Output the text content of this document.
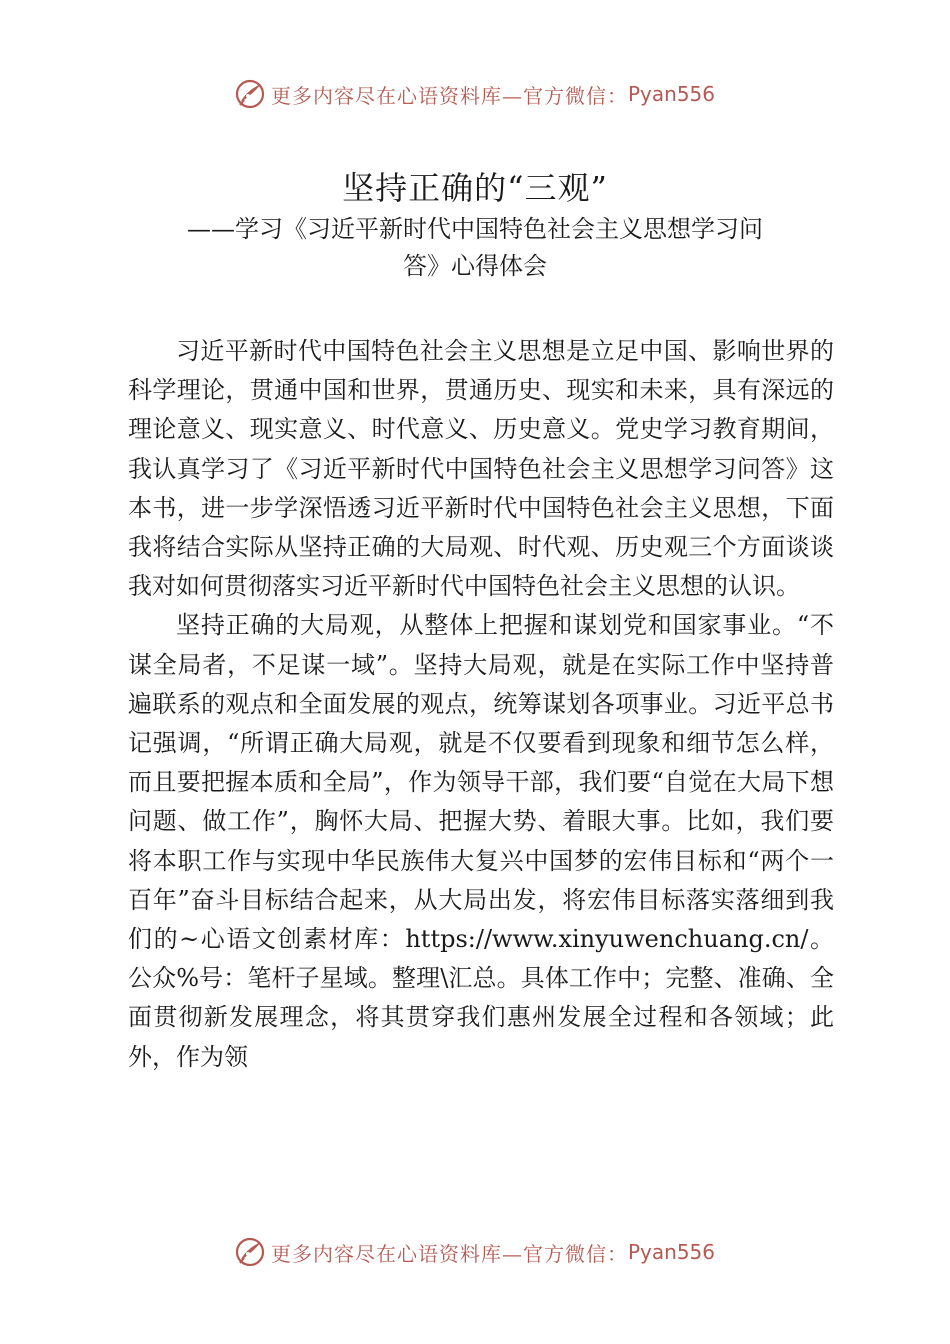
更多内容尽在心语资料库—官方微信： Pyan556
坚持正确的“三观”

——学习《习近平新时代中国特色社会主义思想学习问

答》心得体会

习近平新时代中国特色社会主义思想是立足中国、影响世界的科学理论，贯通中国和世界，贯通历史、现实和未来，具有深远的理论意义、现实意义、时代意义、历史意义。党史学习教育期间，我认真学习了《习近平新时代中国特色社会主义思想学习问答》这本书，进一步学深悟透习近平新时代中国特色社会主义思想，下面我将结合实际从坚持正确的大局观、时代观、历史观三个方面谈谈我对如何贯彻落实习近平新时代中国特色社会主义思想的认识。

坚持正确的大局观，从整体上把握和谋划党和国家事业。“不谋全局者，不足谋一域”。坚持大局观，就是在实际工作中坚持普遍联系的观点和全面发展的观点，统筹谋划各项事业。习近平总书记强调，“所谓正确大局观，就是不仅要看到现象和细节怎么样，而且要把握本质和全局”，作为领导干部，我们要“自觉在大局下想问题、做工作”，胸怀大局、把握大势、着眼大事。比如，我们要将本职工作与实现中华民族伟大复兴中国梦的宏伟目标和“两个一百年”奋斗目标结合起来，从大局出发，将宏伟目标落实落细到我们的~心语文创素材库：https://www.xinyuwenchuang.cn/。公众%号：笔杆子星域。整理\汇总。具体工作中；完整、准确、全面贯彻新发展理念，将其贯穿我们惠州发展全过程和各领域；此外，作为领

更多内容尽在心语资料库—官方微信： Pyan556
